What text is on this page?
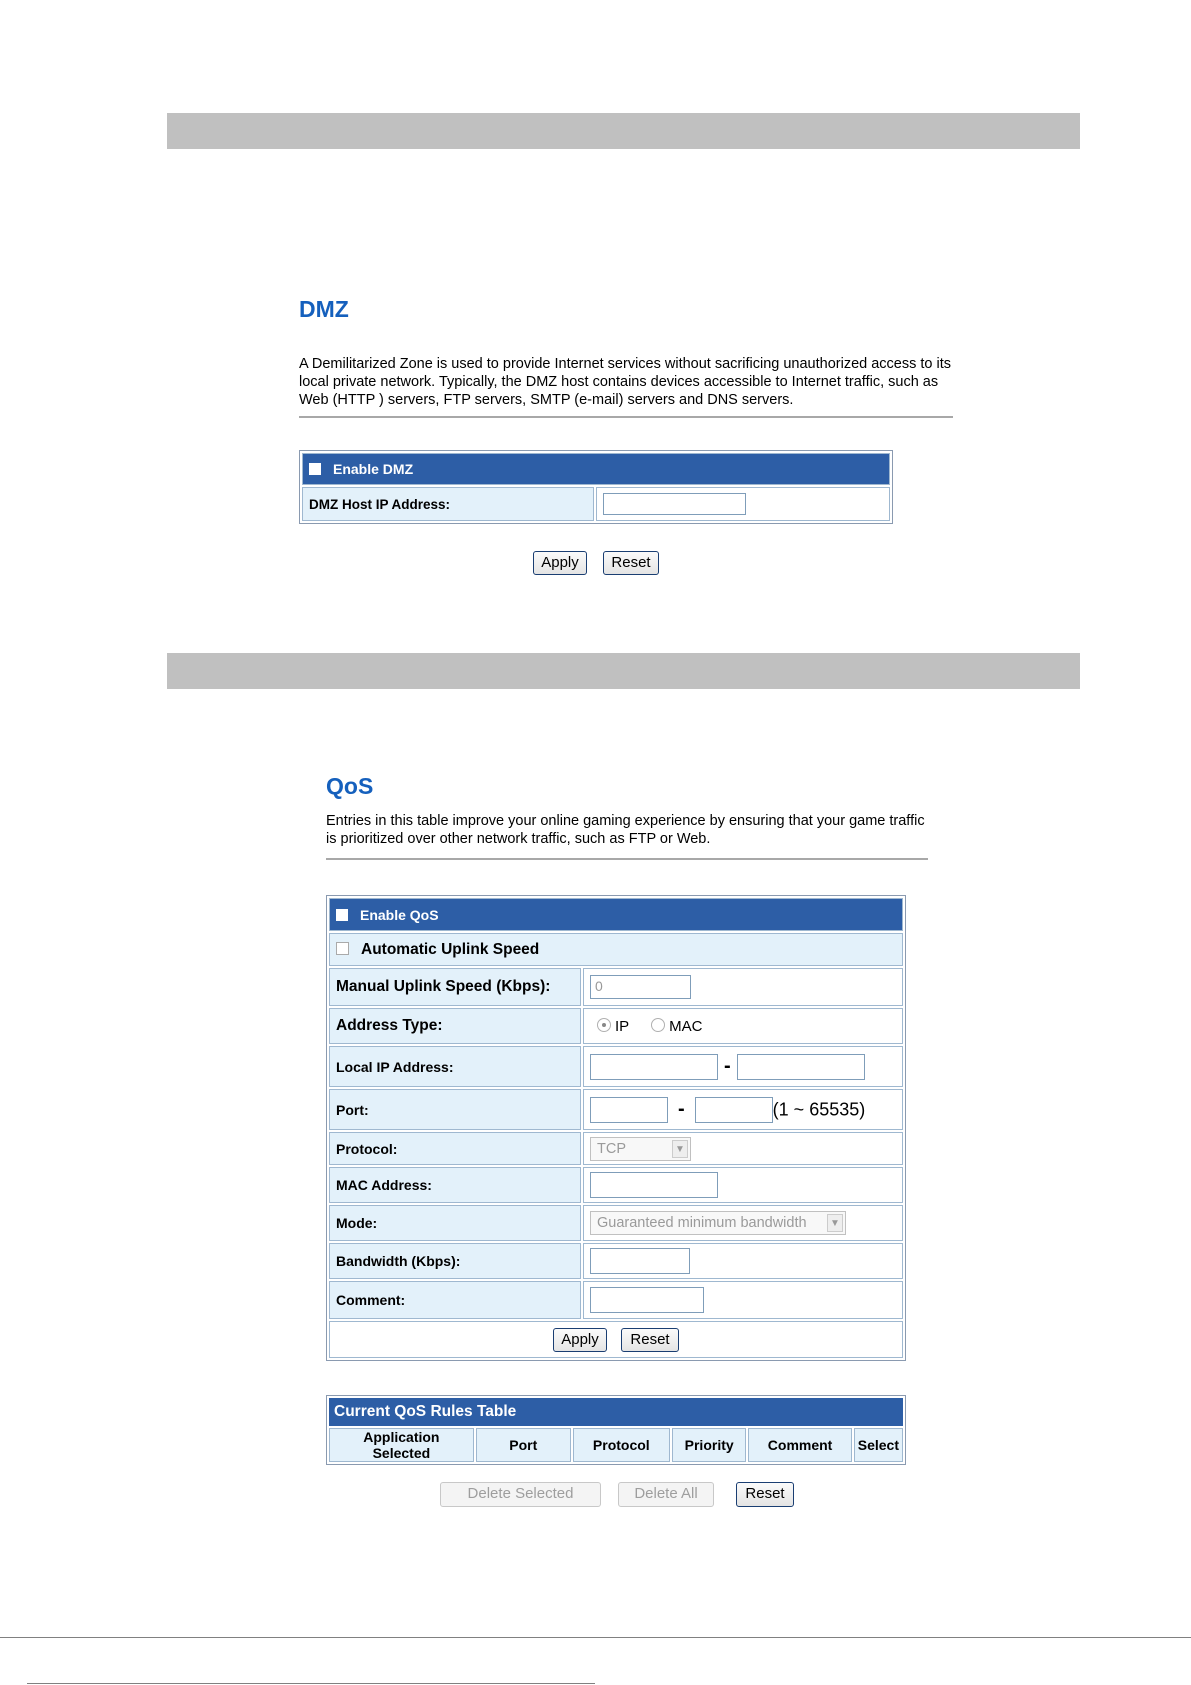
DMZ

A Demilitarized Zone is used to provide Internet services without sacrificing unauthorized access to its local private network. Typically, the DMZ host contains devices accessible to Internet traffic, such as Web (HTTP ) servers, FTP servers, SMTP (e-mail) servers and DNS servers.

Enable DMZ
DMZ Host IP Address:	
Apply	Reset
QoS

Entries in this table improve your online gaming experience by ensuring that your game traffic is prioritized over other network traffic, such as FTP or Web.

Enable QoS	
Automatic Uplink Speed	
Manual Uplink Speed (Kbps):	0
Address Type:	IP MAC
Local IP Address:	-
Port:	- (1 ~ 65535)
Protocol:	TCP ▼

MAC Address:	
Mode:	Guaranteed minimum bandwidth ▼

Bandwidth (Kbps):	
Comment:	
Apply Reset	
Current QoS Rules Table
Application Selected	Port	Protocol	Priority	Comment	Select
Delete Selected	Delete All	Reset
